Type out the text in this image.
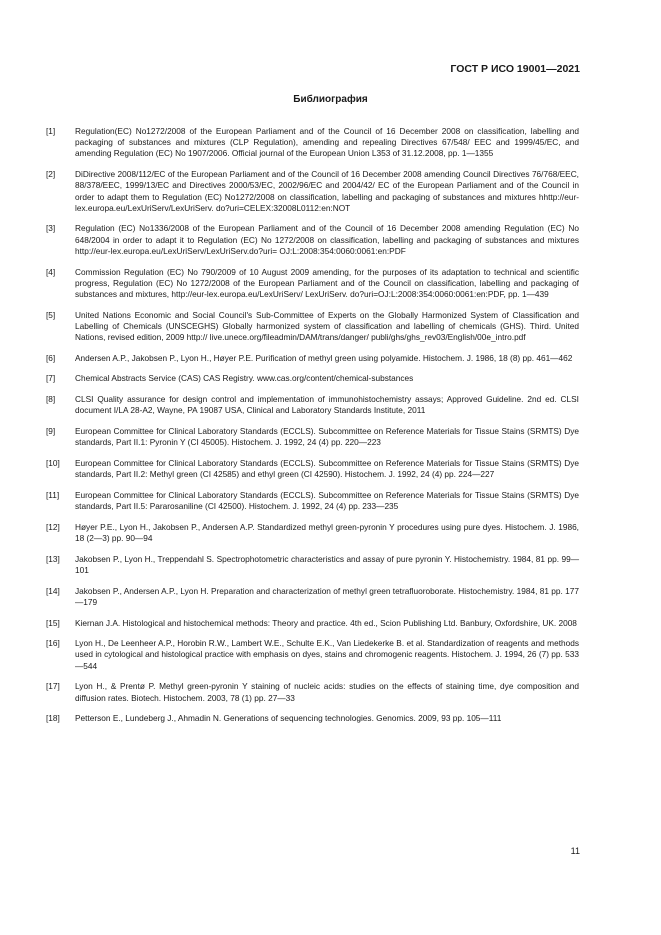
ГОСТ Р ИСО 19001—2021
Библиография
[1]	Regulation(EC) No1272/2008 of the European Parliament and of the Council of 16 December 2008 on classification, labelling and packaging of substances and mixtures (CLP Regulation), amending and repealing Directives 67/548/ EEC and 1999/45/EC, and amending Regulation (EC) No 1907/2006. Official journal of the European Union L353 of 31.12.2008, pp. 1—1355
[2]	DiDirective 2008/112/EC of the European Parliament and of the Council of 16 December 2008 amending Council Directives 76/768/EEC, 88/378/EEC, 1999/13/EC and Directives 2000/53/EC, 2002/96/EC and 2004/42/ EC of the European Parliament and of the Council in order to adapt them to Regulation (EC) No1272/2008 on classification, labelling and packaging of substances and mixtures hhttp://eur-lex.europa.eu/LexUriServ/LexUriServ. do?uri=CELEX:32008L0112:en:NOT
[3]	Regulation (EC) No1336/2008 of the European Parliament and of the Council of 16 December 2008 amending Regulation (EC) No 648/2004 in order to adapt it to Regulation (EC) No 1272/2008 on classification, labelling and packaging of substances and mixtures http://eur-lex.europa.eu/LexUriServ/LexUriServ.do?uri= OJ:L:2008:354:0060:0061:en:PDF
[4]	Commission Regulation (EC) No 790/2009 of 10 August 2009 amending, for the purposes of its adaptation to technical and scientific progress, Regulation (EC) No 1272/2008 of the European Parliament and of the Council on classification, labelling and packaging of substances and mixtures, http://eur-lex.europa.eu/LexUriServ/ LexUriServ. do?uri=OJ:L:2008:354:0060:0061:en:PDF, pp. 1—439
[5]	United Nations Economic and Social Council's Sub-Committee of Experts on the Globally Harmonized System of Classification and Labelling of Chemicals (UNSCEGHS) Globally harmonized system of classification and labelling of chemicals (GHS). Third. United Nations, revised edition, 2009 http:// live.unece.org/fileadmin/DAM/trans/danger/ publi/ghs/ghs_rev03/English/00e_intro.pdf
[6]	Andersen A.P., Jakobsen P., Lyon H., Høyer P.E. Purification of methyl green using polyamide. Histochem. J. 1986, 18 (8) pp. 461—462
[7]	Chemical Abstracts Service (CAS) CAS Registry. www.cas.org/content/chemical-substances
[8]	CLSI Quality assurance for design control and implementation of immunohistochemistry assays; Approved Guideline. 2nd ed. CLSI document I/LA 28-A2, Wayne, PA 19087 USA, Clinical and Laboratory Standards Institute, 2011
[9]	European Committee for Clinical Laboratory Standards (ECCLS). Subcommittee on Reference Materials for Tissue Stains (SRMTS) Dye standards, Part II.1: Pyronin Y (CI 45005). Histochem. J. 1992, 24 (4) pp. 220—223
[10]	European Committee for Clinical Laboratory Standards (ECCLS). Subcommittee on Reference Materials for Tissue Stains (SRMTS) Dye standards, Part II.2: Methyl green (CI 42585) and ethyl green (CI 42590). Histochem. J. 1992, 24 (4) pp. 224—227
[11]	European Committee for Clinical Laboratory Standards (ECCLS). Subcommittee on Reference Materials for Tissue Stains (SRMTS) Dye standards, Part II.5: Pararosaniline (CI 42500). Histochem. J. 1992, 24 (4) pp. 233—235
[12]	Høyer P.E., Lyon H., Jakobsen P., Andersen A.P. Standardized methyl green-pyronin Y procedures using pure dyes. Histochem. J. 1986, 18 (2—3) pp. 90—94
[13]	Jakobsen P., Lyon H., Treppendahl S. Spectrophotometric characteristics and assay of pure pyronin Y. Histochemistry. 1984, 81 pp. 99—101
[14]	Jakobsen P., Andersen A.P., Lyon H. Preparation and characterization of methyl green tetrafluoroborate. Histochemistry. 1984, 81 pp. 177—179
[15]	Kiernan J.A. Histological and histochemical methods: Theory and practice. 4th ed., Scion Publishing Ltd. Banbury, Oxfordshire, UK. 2008
[16]	Lyon H., De Leenheer A.P., Horobin R.W., Lambert W.E., Schulte E.K., Van Liedekerke B. et al. Standardization of reagents and methods used in cytological and histological practice with emphasis on dyes, stains and chromogenic reagents. Histochem. J. 1994, 26 (7) pp. 533—544
[17]	Lyon H., & Prentø P. Methyl green-pyronin Y staining of nucleic acids: studies on the effects of staining time, dye composition and diffusion rates. Biotech. Histochem. 2003, 78 (1) pp. 27—33
[18]	Petterson E., Lundeberg J., Ahmadin N. Generations of sequencing technologies. Genomics. 2009, 93 pp. 105—111
11
